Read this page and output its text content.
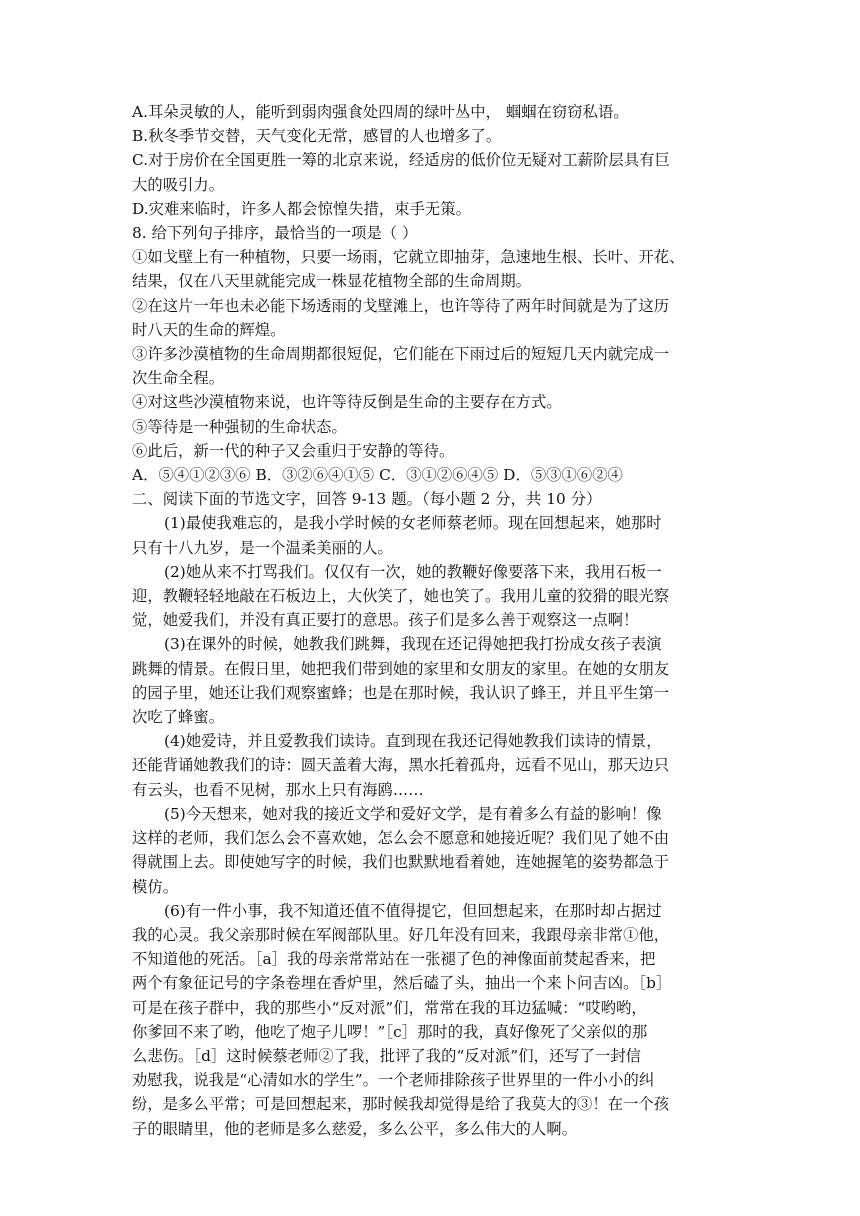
A.耳朵灵敏的人，能听到弱肉强食处四周的绿叶丛中， 蝈蝈在窃窃私语。
B.秋冬季节交替，天气变化无常，感冒的人也增多了。
C.对于房价在全国更胜一筹的北京来说，经适房的低价位无疑对工薪阶层具有巨
大的吸引力。
D.灾难来临时，许多人都会惊惶失措，束手无策。
8. 给下列句子排序，最恰当的一项是（ ）
①如戈壁上有一种植物，只要一场雨，它就立即抽芽，急速地生根、长叶、开花、
结果，仅在八天里就能完成一株显花植物全部的生命周期。
②在这片一年也未必能下场透雨的戈壁滩上，也许等待了两年时间就是为了这历
时八天的生命的辉煌。
③许多沙漠植物的生命周期都很短促，它们能在下雨过后的短短几天内就完成一
次生命全程。
④对这些沙漠植物来说，也许等待反倒是生命的主要存在方式。
⑤等待是一种强韧的生命状态。
⑥此后，新一代的种子又会重归于安静的等待。
A．⑤④①②③⑥ B．③②⑥④①⑤ C．③①②⑥④⑤ D．⑤③①⑥②④
二、阅读下面的节选文字，回答 9-13 题。（每小题 2 分，共 10 分）
(1)最使我难忘的，是我小学时候的女老师蔡老师。现在回想起来，她那时
只有十八九岁，是一个温柔美丽的人。
(2)她从来不打骂我们。仅仅有一次，她的教鞭好像要落下来，我用石板一
迎，教鞭轻轻地敲在石板边上，大伙笑了，她也笑了。我用儿童的狡猾的眼光察
觉，她爱我们，并没有真正要打的意思。孩子们是多么善于观察这一点啊！
(3)在课外的时候，她教我们跳舞，我现在还记得她把我打扮成女孩子表演
跳舞的情景。在假日里，她把我们带到她的家里和女朋友的家里。在她的女朋友
的园子里，她还让我们观察蜜蜂；也是在那时候，我认识了蜂王，并且平生第一
次吃了蜂蜜。
(4)她爱诗，并且爱教我们读诗。直到现在我还记得她教我们读诗的情景，
还能背诵她教我们的诗：圆天盖着大海，黑水托着孤舟，远看不见山，那天边只
有云头，也看不见树，那水上只有海鸥……
(5)今天想来，她对我的接近文学和爱好文学，是有着多么有益的影响！像
这样的老师，我们怎么会不喜欢她，怎么会不愿意和她接近呢？我们见了她不由
得就围上去。即使她写字的时候，我们也默默地看着她，连她握笔的姿势都急于
模仿。
(6)有一件小事，我不知道还值不值得提它，但回想起来，在那时却占据过
我的心灵。我父亲那时候在军阀部队里。好几年没有回来，我跟母亲非常①他，
不知道他的死活。［a］我的母亲常常站在一张褪了色的神像面前焚起香来，把
两个有象征记号的字条卷埋在香炉里，然后磕了头，抽出一个来卜问吉凶。［b］
可是在孩子群中，我的那些小“反对派”们，常常在我的耳边猛喊：“哎哟哟，
你爹回不来了哟，他吃了炮子儿啰！”［c］那时的我，真好像死了父亲似的那
么悲伤。［d］这时候蔡老师②了我，批评了我的“反对派”们，还写了一封信
劝慰我，说我是“心清如水的学生”。一个老师排除孩子世界里的一件小小的纠
纷，是多么平常；可是回想起来，那时候我却觉得是给了我莫大的③！在一个孩
子的眼睛里，他的老师是多么慈爱，多么公平，多么伟大的人啊。
